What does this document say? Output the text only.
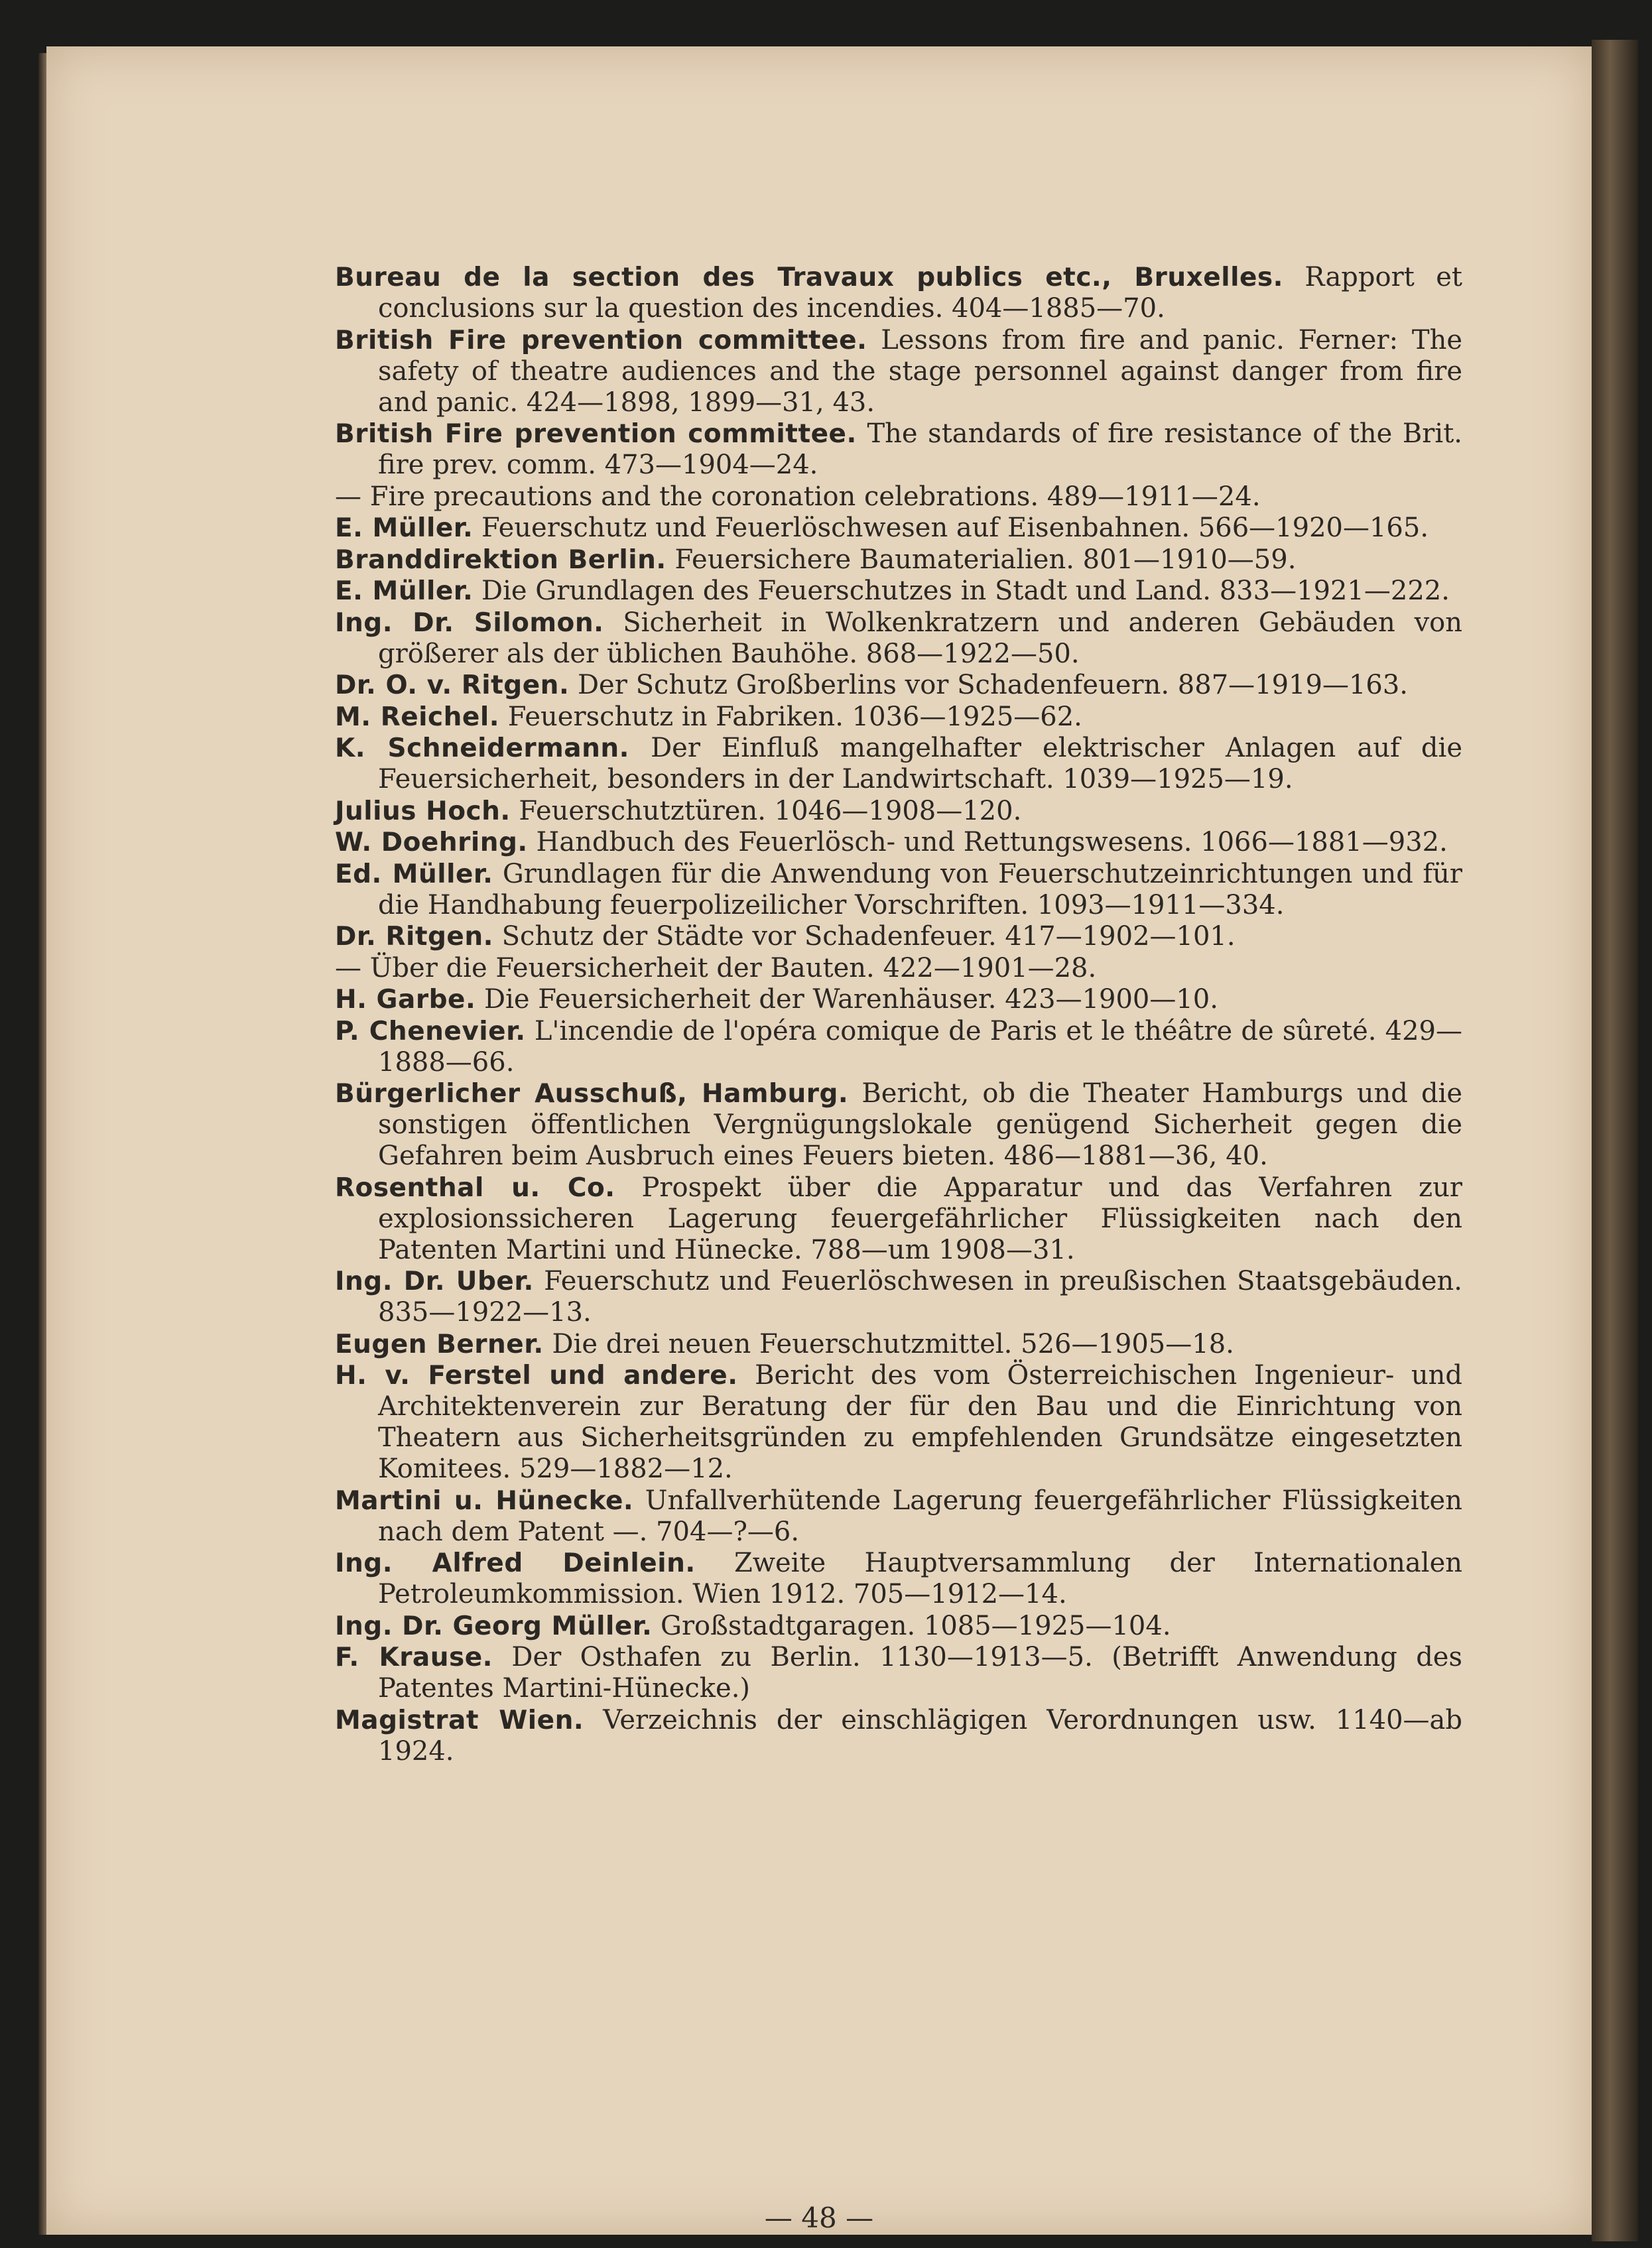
Bureau de la section des Travaux publics etc., Bruxelles. Rapport et conclusions sur la question des incendies. 404—1885—70.

British Fire prevention committee. Lessons from fire and panic. Ferner: The safety of theatre audiences and the stage personnel against danger from fire and panic. 424—1898, 1899—31, 43.

British Fire prevention committee. The standards of fire resistance of the Brit. fire prev. comm. 473—1904—24.

— Fire precautions and the coronation celebrations. 489—1911—24.

E. Müller. Feuerschutz und Feuerlöschwesen auf Eisenbahnen. 566—1920—165.

Branddirektion Berlin. Feuersichere Baumaterialien. 801—1910—59.

E. Müller. Die Grundlagen des Feuerschutzes in Stadt und Land. 833—1921—222.

Ing. Dr. Silomon. Sicherheit in Wolkenkratzern und anderen Gebäuden von größerer als der üblichen Bauhöhe. 868—1922—50.

Dr. O. v. Ritgen. Der Schutz Großberlins vor Schadenfeuern. 887—1919—163.

M. Reichel. Feuerschutz in Fabriken. 1036—1925—62.

K. Schneidermann. Der Einfluß mangelhafter elektrischer Anlagen auf die Feuersicherheit, besonders in der Landwirtschaft. 1039—1925—19.

Julius Hoch. Feuerschutztüren. 1046—1908—120.

W. Doehring. Handbuch des Feuerlösch- und Rettungswesens. 1066—1881—932.

Ed. Müller. Grundlagen für die Anwendung von Feuerschutzeinrichtungen und für die Handhabung feuerpolizeilicher Vorschriften. 1093—1911—334.

Dr. Ritgen. Schutz der Städte vor Schadenfeuer. 417—1902—101.

— Über die Feuersicherheit der Bauten. 422—1901—28.

H. Garbe. Die Feuersicherheit der Warenhäuser. 423—1900—10.

P. Chenevier. L'incendie de l'opéra comique de Paris et le théâtre de sûreté. 429—1888—66.

Bürgerlicher Ausschuß, Hamburg. Bericht, ob die Theater Hamburgs und die sonstigen öffentlichen Vergnügungslokale genügend Sicherheit gegen die Gefahren beim Ausbruch eines Feuers bieten. 486—1881—36, 40.

Rosenthal u. Co. Prospekt über die Apparatur und das Verfahren zur explosionssicheren Lagerung feuergefährlicher Flüssigkeiten nach den Patenten Martini und Hünecke. 788—um 1908—31.

Ing. Dr. Uber. Feuerschutz und Feuerlöschwesen in preußischen Staatsgebäuden. 835—1922—13.

Eugen Berner. Die drei neuen Feuerschutzmittel. 526—1905—18.

H. v. Ferstel und andere. Bericht des vom Österreichischen Ingenieur- und Architektenverein zur Beratung der für den Bau und die Einrichtung von Theatern aus Sicherheitsgründen zu empfehlenden Grundsätze eingesetzten Komitees. 529—1882—12.

Martini u. Hünecke. Unfallverhütende Lagerung feuergefährlicher Flüssigkeiten nach dem Patent —. 704—?—6.

Ing. Alfred Deinlein. Zweite Hauptversammlung der Internationalen Petroleumkommission. Wien 1912. 705—1912—14.

Ing. Dr. Georg Müller. Großstadtgaragen. 1085—1925—104.

F. Krause. Der Osthafen zu Berlin. 1130—1913—5. (Betrifft Anwendung des Patentes Martini-Hünecke.)

Magistrat Wien. Verzeichnis der einschlägigen Verordnungen usw. 1140—ab 1924.

— 48 —
